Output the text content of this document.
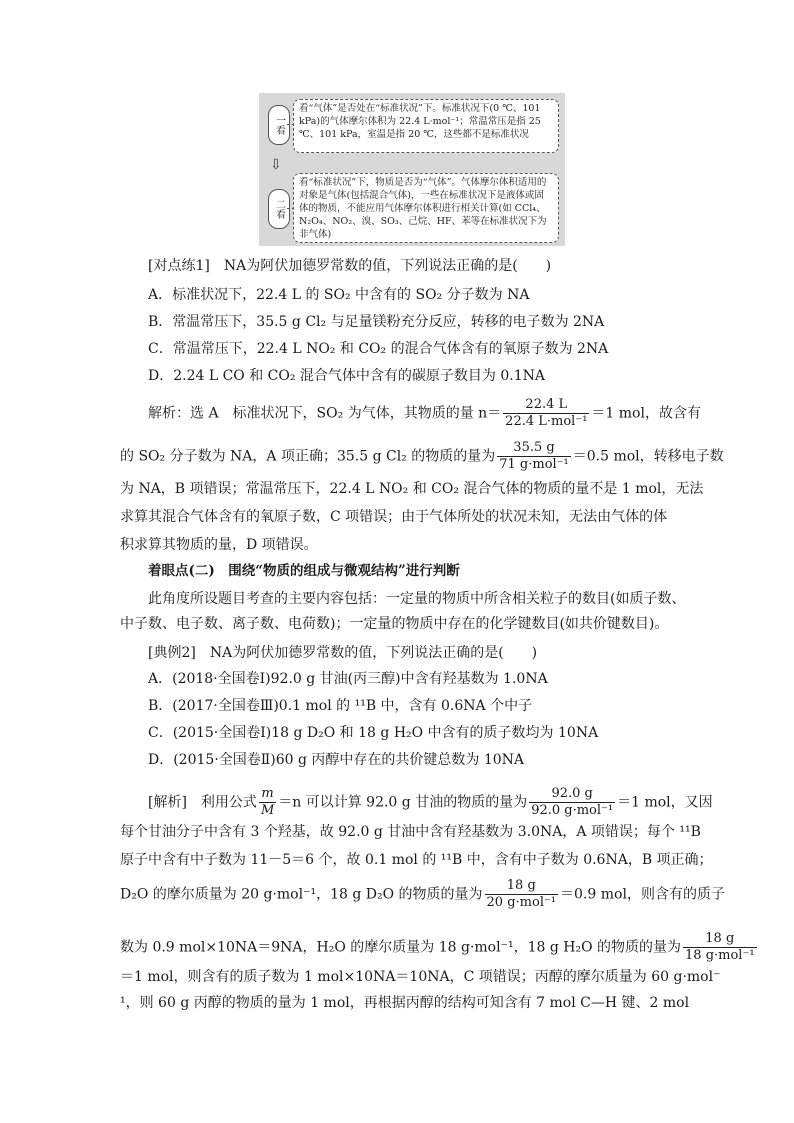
一看
看“气体”是否处在“标准状况”下。标准状况下(0 ℃、101 kPa)的气体摩尔体积为 22.4 L·mol⁻¹；常温常压是指 25 ℃、101 kPa，室温是指 20 ℃，这些都不是标准状况
⇩
二看
看“标准状况”下，物质是否为“气体”。气体摩尔体积适用的对象是气体(包括混合气体)，一些在标准状况下是液体或固体的物质，不能应用气体摩尔体积进行相关计算(如 CCl₄、N₂O₄、NO₂、溴、SO₃、己烷、HF、苯等在标准状况下为非气体)
[对点练1]　NA为阿伏加德罗常数的值，下列说法正确的是(　　)
A．标准状况下，22.4 L 的 SO₂ 中含有的 SO₂ 分子数为 NA
B．常温常压下，35.5 g Cl₂ 与足量镁粉充分反应，转移的电子数为 2NA
C．常温常压下，22.4 L NO₂ 和 CO₂ 的混合气体含有的氧原子数为 2NA
D．2.24 L CO 和 CO₂ 混合气体中含有的碳原子数目为 0.1NA
解析：选 A　标准状况下，SO₂ 为气体，其物质的量 $n= \frac{22.4 L}{\text{22.4 L·mol⁻¹}} =1$ mol，故含有
的 SO₂ 分子数为 NA，A 项正确；35.5 g Cl₂ 的物质的量为 $\frac{35.5 g}{\text{71 g·mol⁻¹}} =0.5$ mol，转移电子数
为 NA，B 项错误；常温常压下，22.4 L NO₂ 和 CO₂ 混合气体的物质的量不是 1 mol，无法
求算其混合气体含有的氧原子数，C 项错误；由于气体所处的状况未知，无法由气体的体
积求算其物质的量，D 项错误。
着眼点(二)　围绕“物质的组成与微观结构”进行判断
此角度所设题目考查的主要内容包括：一定量的物质中所含相关粒子的数目(如质子数、
中子数、电子数、离子数、电荷数)；一定量的物质中存在的化学键数目(如共价键数目)。
[典例2]　NA为阿伏加德罗常数的值，下列说法正确的是(　　)
A．(2018·全国卷Ⅰ)92.0 g 甘油(丙三醇)中含有羟基数为 1.0NA
B．(2017·全国卷Ⅲ)0.1 mol 的 ¹¹B 中，含有 0.6NA 个中子
C．(2015·全国卷Ⅰ)18 g D₂O 和 18 g H₂O 中含有的质子数均为 10NA
D．(2015·全国卷Ⅱ)60 g 丙醇中存在的共价键总数为 10NA
[解析]　利用公式 $\frac{m}{M} =n$ 可以计算 92.0 g 甘油的物质的量为 $\frac{92.0 g}{\text{92.0 g·mol⁻¹}} =1$ mol，又因
每个甘油分子中含有 3 个羟基，故 92.0 g 甘油中含有羟基数为 3.0NA，A 项错误；每个 ¹¹B
原子中含有中子数为 11－5＝6 个，故 0.1 mol 的 ¹¹B 中，含有中子数为 0.6NA，B 项正确；
D₂O 的摩尔质量为 20 g·mol⁻¹，18 g D₂O 的物质的量为 $\frac{18 g}{\text{20 g·mol⁻¹}} =0.9$ mol，则含有的质子
数为 0.9 mol×10NA＝9NA，H₂O 的摩尔质量为 18 g·mol⁻¹，18 g H₂O 的物质的量为 $\frac{18 g}{\text{18 g·mol⁻¹}}$
＝1 mol，则含有的质子数为 1 mol×10NA＝10NA，C 项错误；丙醇的摩尔质量为 60 g·mol⁻
¹，则 60 g 丙醇的物质的量为 1 mol，再根据丙醇的结构可知含有 7 mol C—H 键、2 mol
